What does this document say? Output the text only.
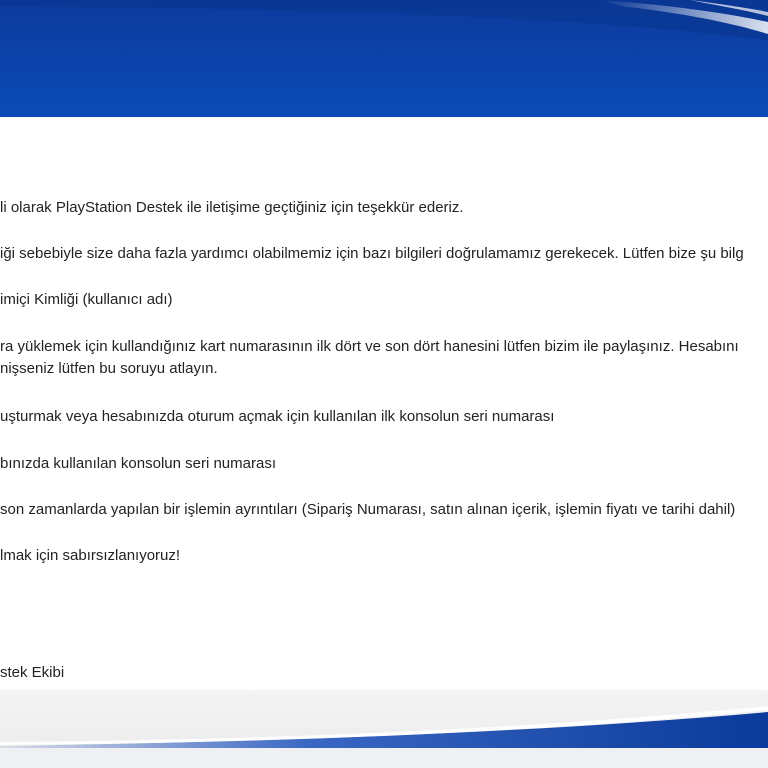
li olarak PlayStation Destek ile iletişime geçtiğiniz için teşekkür ederiz.
iği sebebiyle size daha fazla yardımcı olabilmemiz için bazı bilgileri doğrulamamız gerekecek. Lütfen bize şu bilg
imiçi Kimliği (kullanıcı adı)
ra yüklemek için kullandığınız kart numarasının ilk dört ve son dört hanesini lütfen bizim ile paylaşınız. Hesabını
nişseniz lütfen bu soruyu atlayın.
uşturmak veya hesabınızda oturum açmak için kullanılan ilk konsolun seri numarası
bınızda kullanılan konsolun seri numarası
son zamanlarda yapılan bir işlemin ayrıntıları (Sipariş Numarası, satın alınan içerik, işlemin fiyatı ve tarihi dahil)
lmak için sabırsızlanıyoruz!
stek Ekibi
